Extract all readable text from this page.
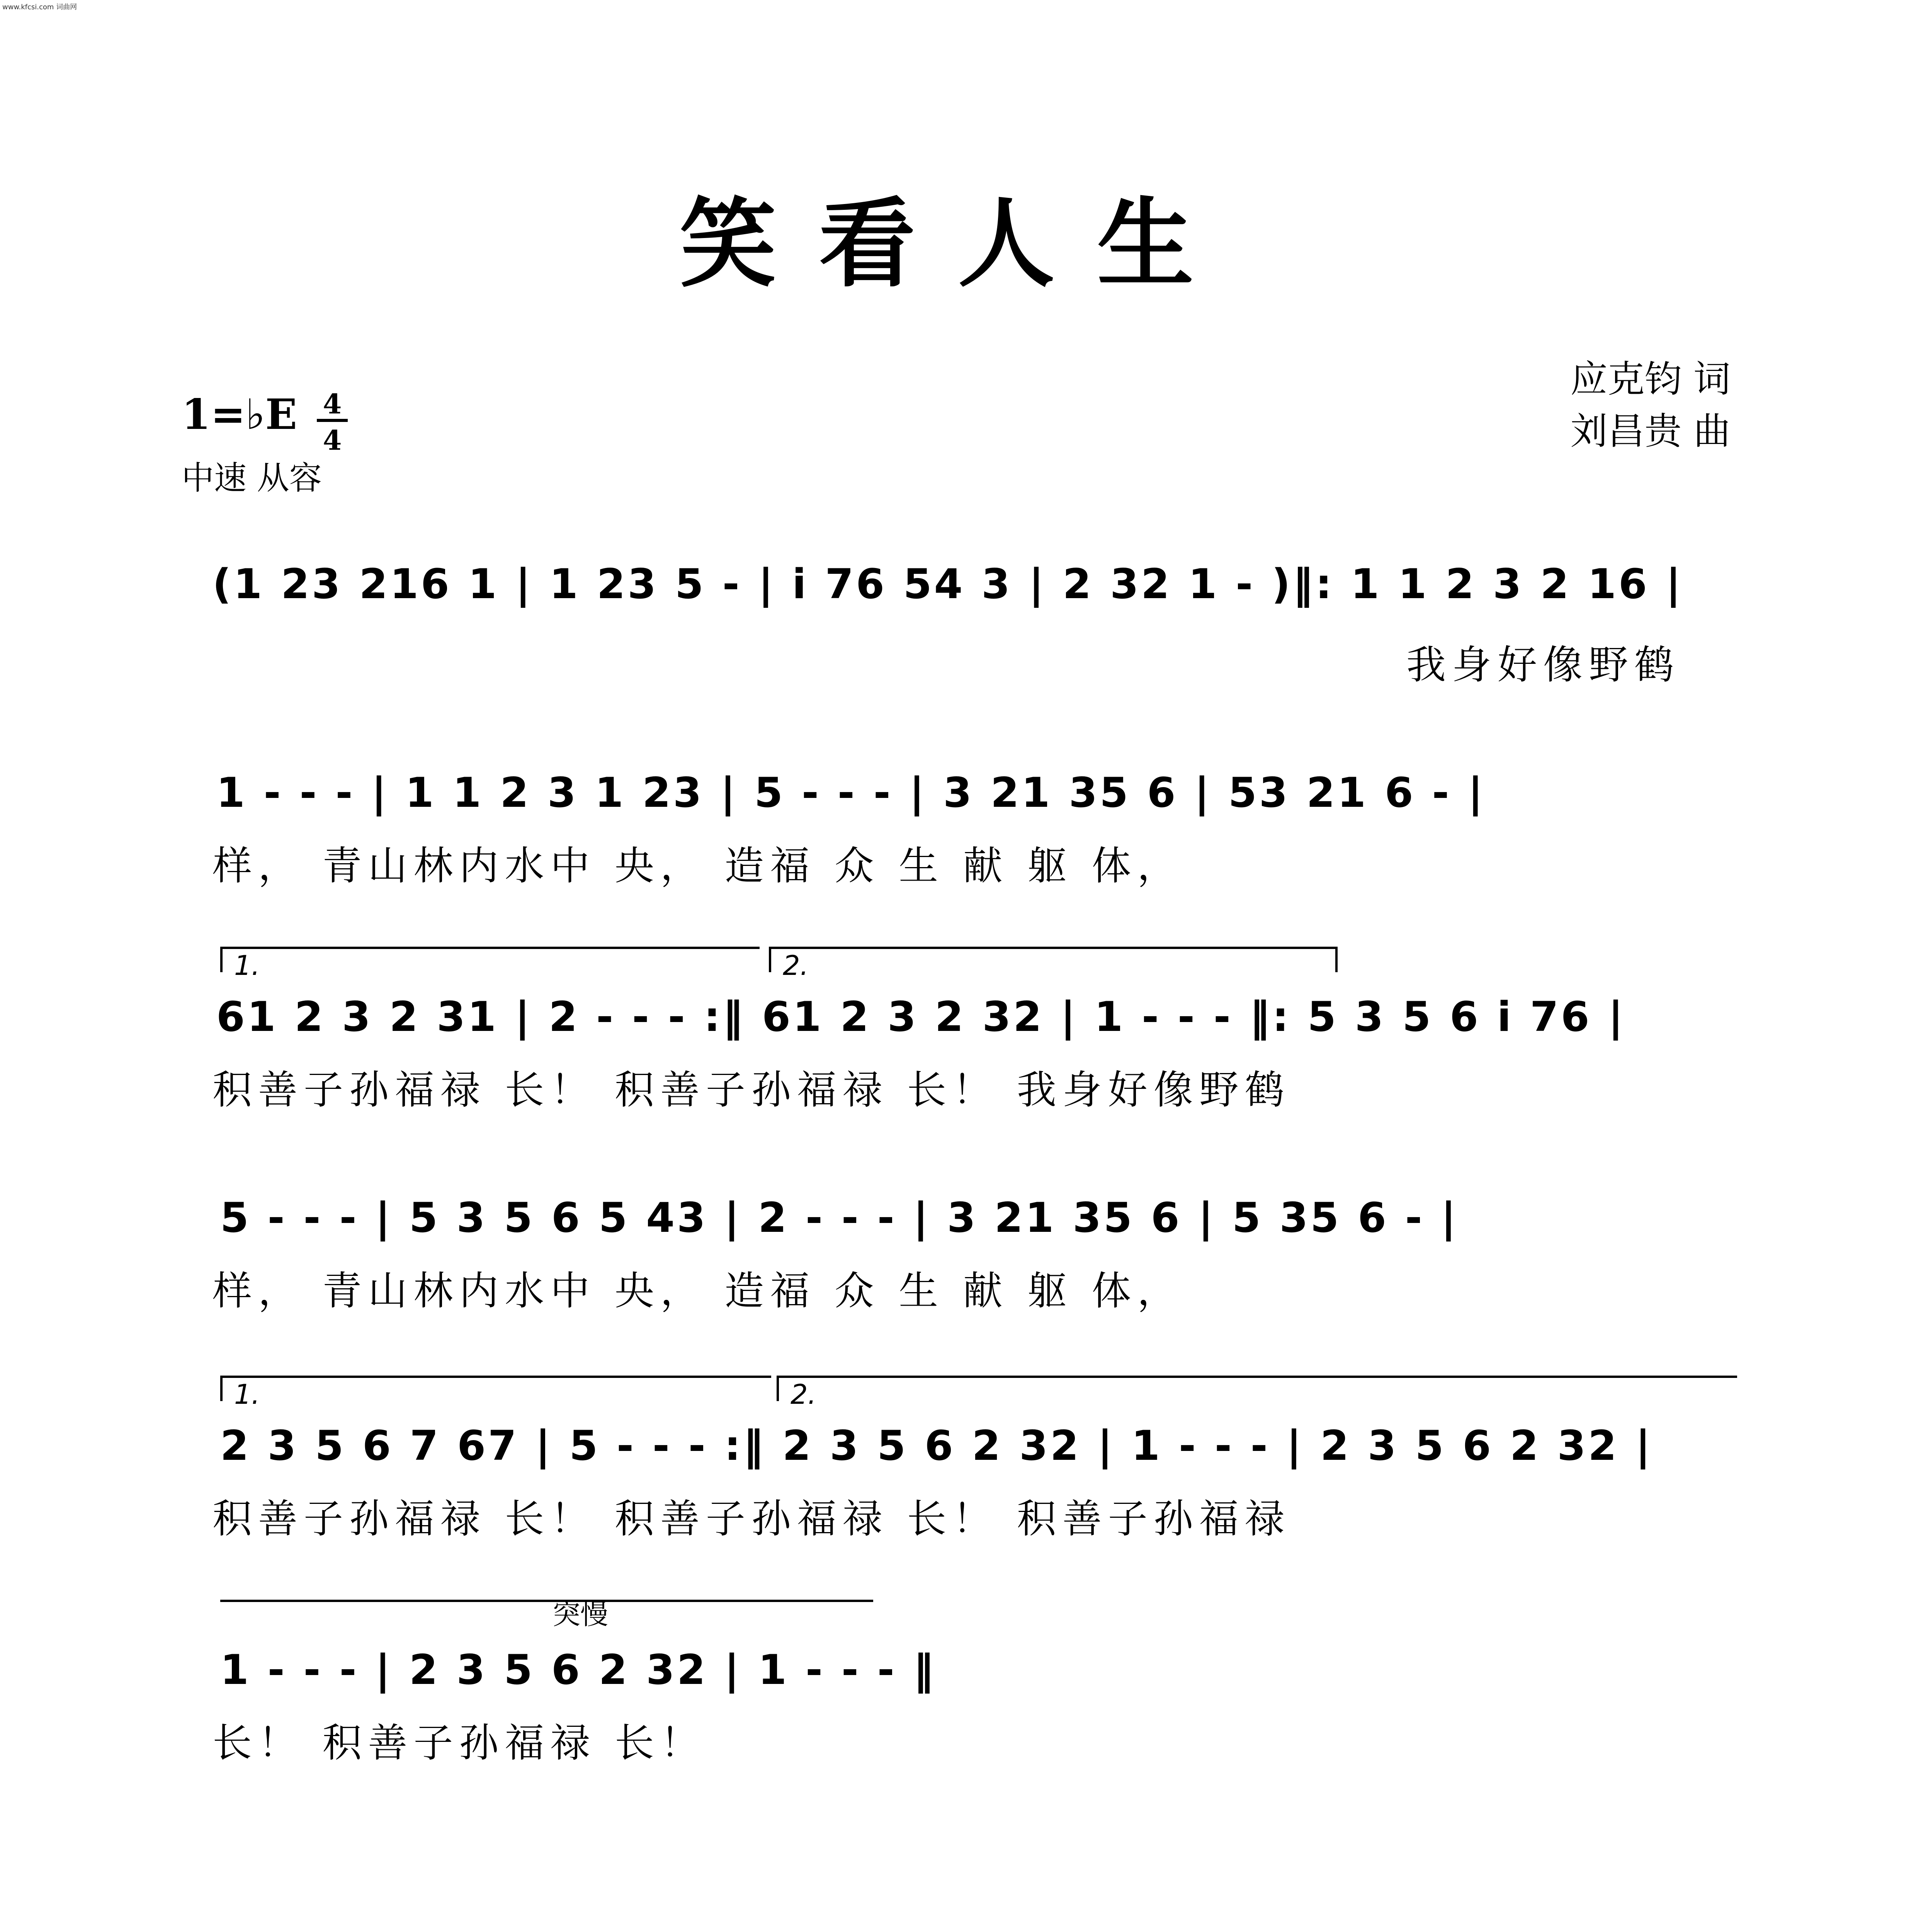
www.kfcsi.com 词曲网
笑看人生
应克钧 词
刘昌贵 曲
1=♭E 4
4
中速 从容
(1 23 216 1 | 1 23 5 - | i 76 54 3 | 2 32 1 - )‖: 1 1 2 3 2 16 |
我身好像野鹤
1 - - - | 1 1 2 3 1 23 | 5 - - - | 3 21 35 6 | 53 21 6 - |
样， 青山林内水中 央， 造福 众 生 献 躯 体，
1.	2.
61 2 3 2 31 | 2 - - - :‖ 61 2 3 2 32 | 1 - - - ‖: 5 3 5 6 i 76 |
积善子孙福禄 长！ 积善子孙福禄 长！ 我身好像野鹤
5 - - - | 5 3 5 6 5 43 | 2 - - - | 3 21 35 6 | 5 35 6 - |
样， 青山林内水中 央， 造福 众 生 献 躯 体，
1.	2.
2 3 5 6 7 67 | 5 - - - :‖ 2 3 5 6 2 32 | 1 - - - | 2 3 5 6 2 32 |
积善子孙福禄 长！ 积善子孙福禄 长！ 积善子孙福禄
突慢
1 - - - | 2 3 5 6 2 32 | 1 - - - ‖
长！ 积善子孙福禄 长！
